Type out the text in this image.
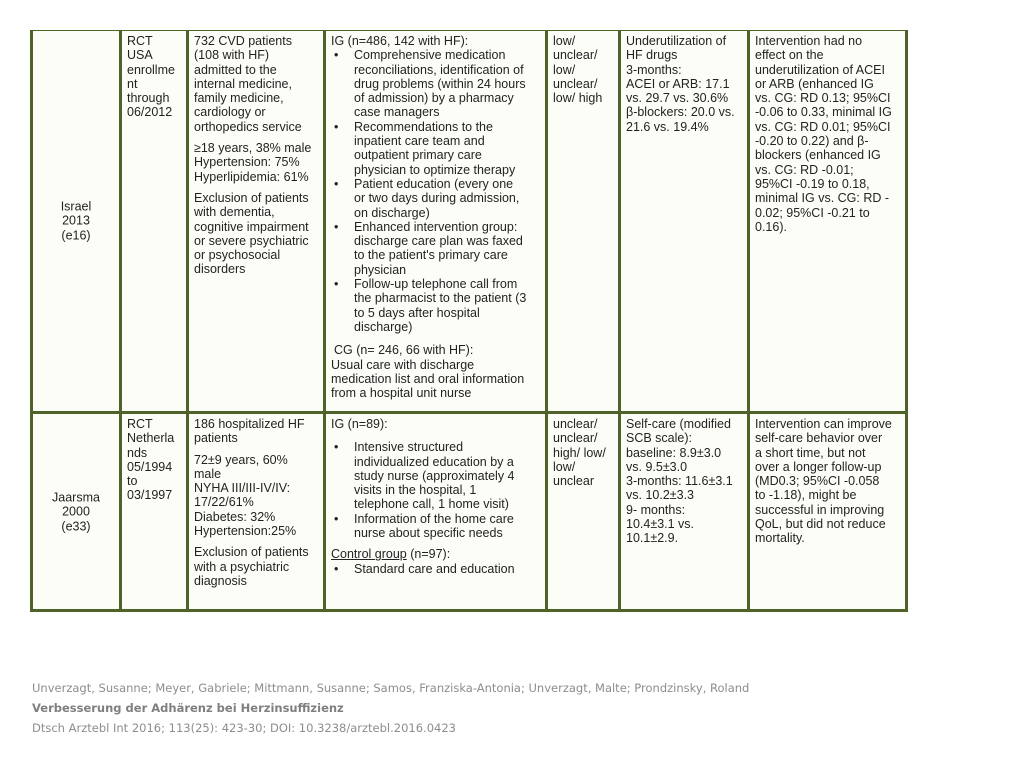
Israel
2013
(e16)
RCT
USA
enrollme
nt
through
06/2012
732 CVD patients
(108 with HF)
admitted to the
internal medicine,
family medicine,
cardiology or
orthopedics service
≥18 years, 38% male
Hypertension: 75%
Hyperlipidemia: 61%
Exclusion of patients
with dementia,
cognitive impairment
or severe psychiatric
or psychosocial
disorders
IG (n=486, 142 with HF):
• Comprehensive medication
reconciliations, identification of
drug problems (within 24 hours
of admission) by a pharmacy
case managers
• Recommendations to the
inpatient care team and
outpatient primary care
physician to optimize therapy
• Patient education (every one
or two days during admission,
on discharge)
• Enhanced intervention group:
discharge care plan was faxed
to the patient's primary care
physician
• Follow-up telephone call from
the pharmacist to the patient (3
to 5 days after hospital
discharge)
CG (n= 246, 66 with HF):
Usual care with discharge
medication list and oral information
from a hospital unit nurse
low/
unclear/
low/
unclear/
low/ high
Underutilization of
HF drugs
3-months:
ACEI or ARB: 17.1
vs. 29.7 vs. 30.6%
β-blockers: 20.0 vs.
21.6 vs. 19.4%
Intervention had no
effect on the
underutilization of ACEI
or ARB (enhanced IG
vs. CG: RD 0.13; 95%CI
-0.06 to 0.33, minimal IG
vs. CG: RD 0.01; 95%CI
-0.20 to 0.22) and β-
blockers (enhanced IG
vs. CG: RD -0.01;
95%CI -0.19 to 0.18,
minimal IG vs. CG: RD -
0.02; 95%CI -0.21 to
0.16).
Jaarsma
2000
(e33)
RCT
Netherla
nds
05/1994
to
03/1997
186 hospitalized HF
patients
72±9 years, 60%
male
NYHA III/III-IV/IV:
17/22/61%
Diabetes: 32%
Hypertension:25%
Exclusion of patients
with a psychiatric
diagnosis
IG (n=89):
• Intensive structured
individualized education by a
study nurse (approximately 4
visits in the hospital, 1
telephone call, 1 home visit)
• Information of the home care
nurse about specific needs
Control group (n=97):
• Standard care and education
unclear/
unclear/
high/ low/
low/
unclear
Self-care (modified
SCB scale):
baseline: 8.9±3.0
vs. 9.5±3.0
3-months: 11.6±3.1
vs. 10.2±3.3
9- months:
10.4±3.1 vs.
10.1±2.9.
Intervention can improve
self-care behavior over
a short time, but not
over a longer follow-up
(MD0.3; 95%CI -0.058
to -1.18), might be
successful in improving
QoL, but did not reduce
mortality.
Unverzagt, Susanne; Meyer, Gabriele; Mittmann, Susanne; Samos, Franziska-Antonia; Unverzagt, Malte; Prondzinsky, Roland
Verbesserung der Adhärenz bei Herzinsuffizienz
Dtsch Arztebl Int 2016; 113(25): 423-30; DOI: 10.3238/arztebl.2016.0423
